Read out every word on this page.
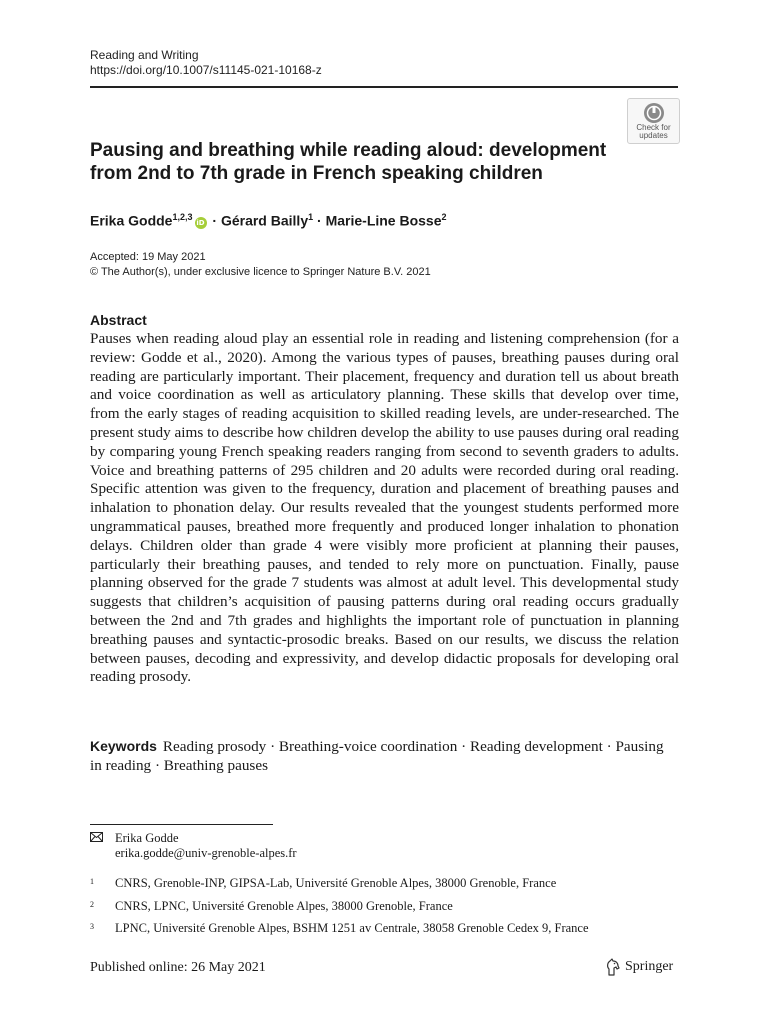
Reading and Writing
https://doi.org/10.1007/s11145-021-10168-z
Check for
updates
Pausing and breathing while reading aloud: development from 2nd to 7th grade in French speaking children
Erika Godde$^{1,2,3}$iD · Gérard Bailly$^1$ · Marie-Line Bosse$^2$
Accepted: 19 May 2021
© The Author(s), under exclusive licence to Springer Nature B.V. 2021
Abstract
Pauses when reading aloud play an essential role in reading and listening comprehension (for a review: Godde et al., 2020). Among the various types of pauses, breathing pauses during oral reading are particularly important. Their placement, frequency and duration tell us about breath and voice coordination as well as articulatory planning. These skills that develop over time, from the early stages of reading acquisition to skilled reading levels, are under-researched. The present study aims to describe how children develop the ability to use pauses during oral reading by comparing young French speaking readers ranging from second to seventh graders to adults. Voice and breathing patterns of 295 children and 20 adults were recorded during oral reading. Specific attention was given to the frequency, duration and placement of breathing pauses and inhalation to phonation delay. Our results revealed that the youngest students performed more ungrammatical pauses, breathed more frequently and produced longer inhalation to phonation delays. Children older than grade 4 were visibly more proficient at planning their pauses, particularly their breathing pauses, and tended to rely more on punctuation. Finally, pause planning observed for the grade 7 students was almost at adult level. This developmental study suggests that children’s acquisition of pausing patterns during oral reading occurs gradually between the 2nd and 7th grades and highlights the important role of punctuation in planning breathing pauses and syntactic-prosodic breaks. Based on our results, we discuss the relation between pauses, decoding and expressivity, and develop didactic proposals for developing oral reading prosody.
Keywords Reading prosody · Breathing-voice coordination · Reading development · Pausing in reading · Breathing pauses
Erika Godde
erika.godde@univ-grenoble-alpes.fr
1 CNRS, Grenoble-INP, GIPSA-Lab, Université Grenoble Alpes, 38000 Grenoble, France
2 CNRS, LPNC, Université Grenoble Alpes, 38000 Grenoble, France
3 LPNC, Université Grenoble Alpes, BSHM 1251 av Centrale, 38058 Grenoble Cedex 9, France
Published online: 26 May 2021	Springer
